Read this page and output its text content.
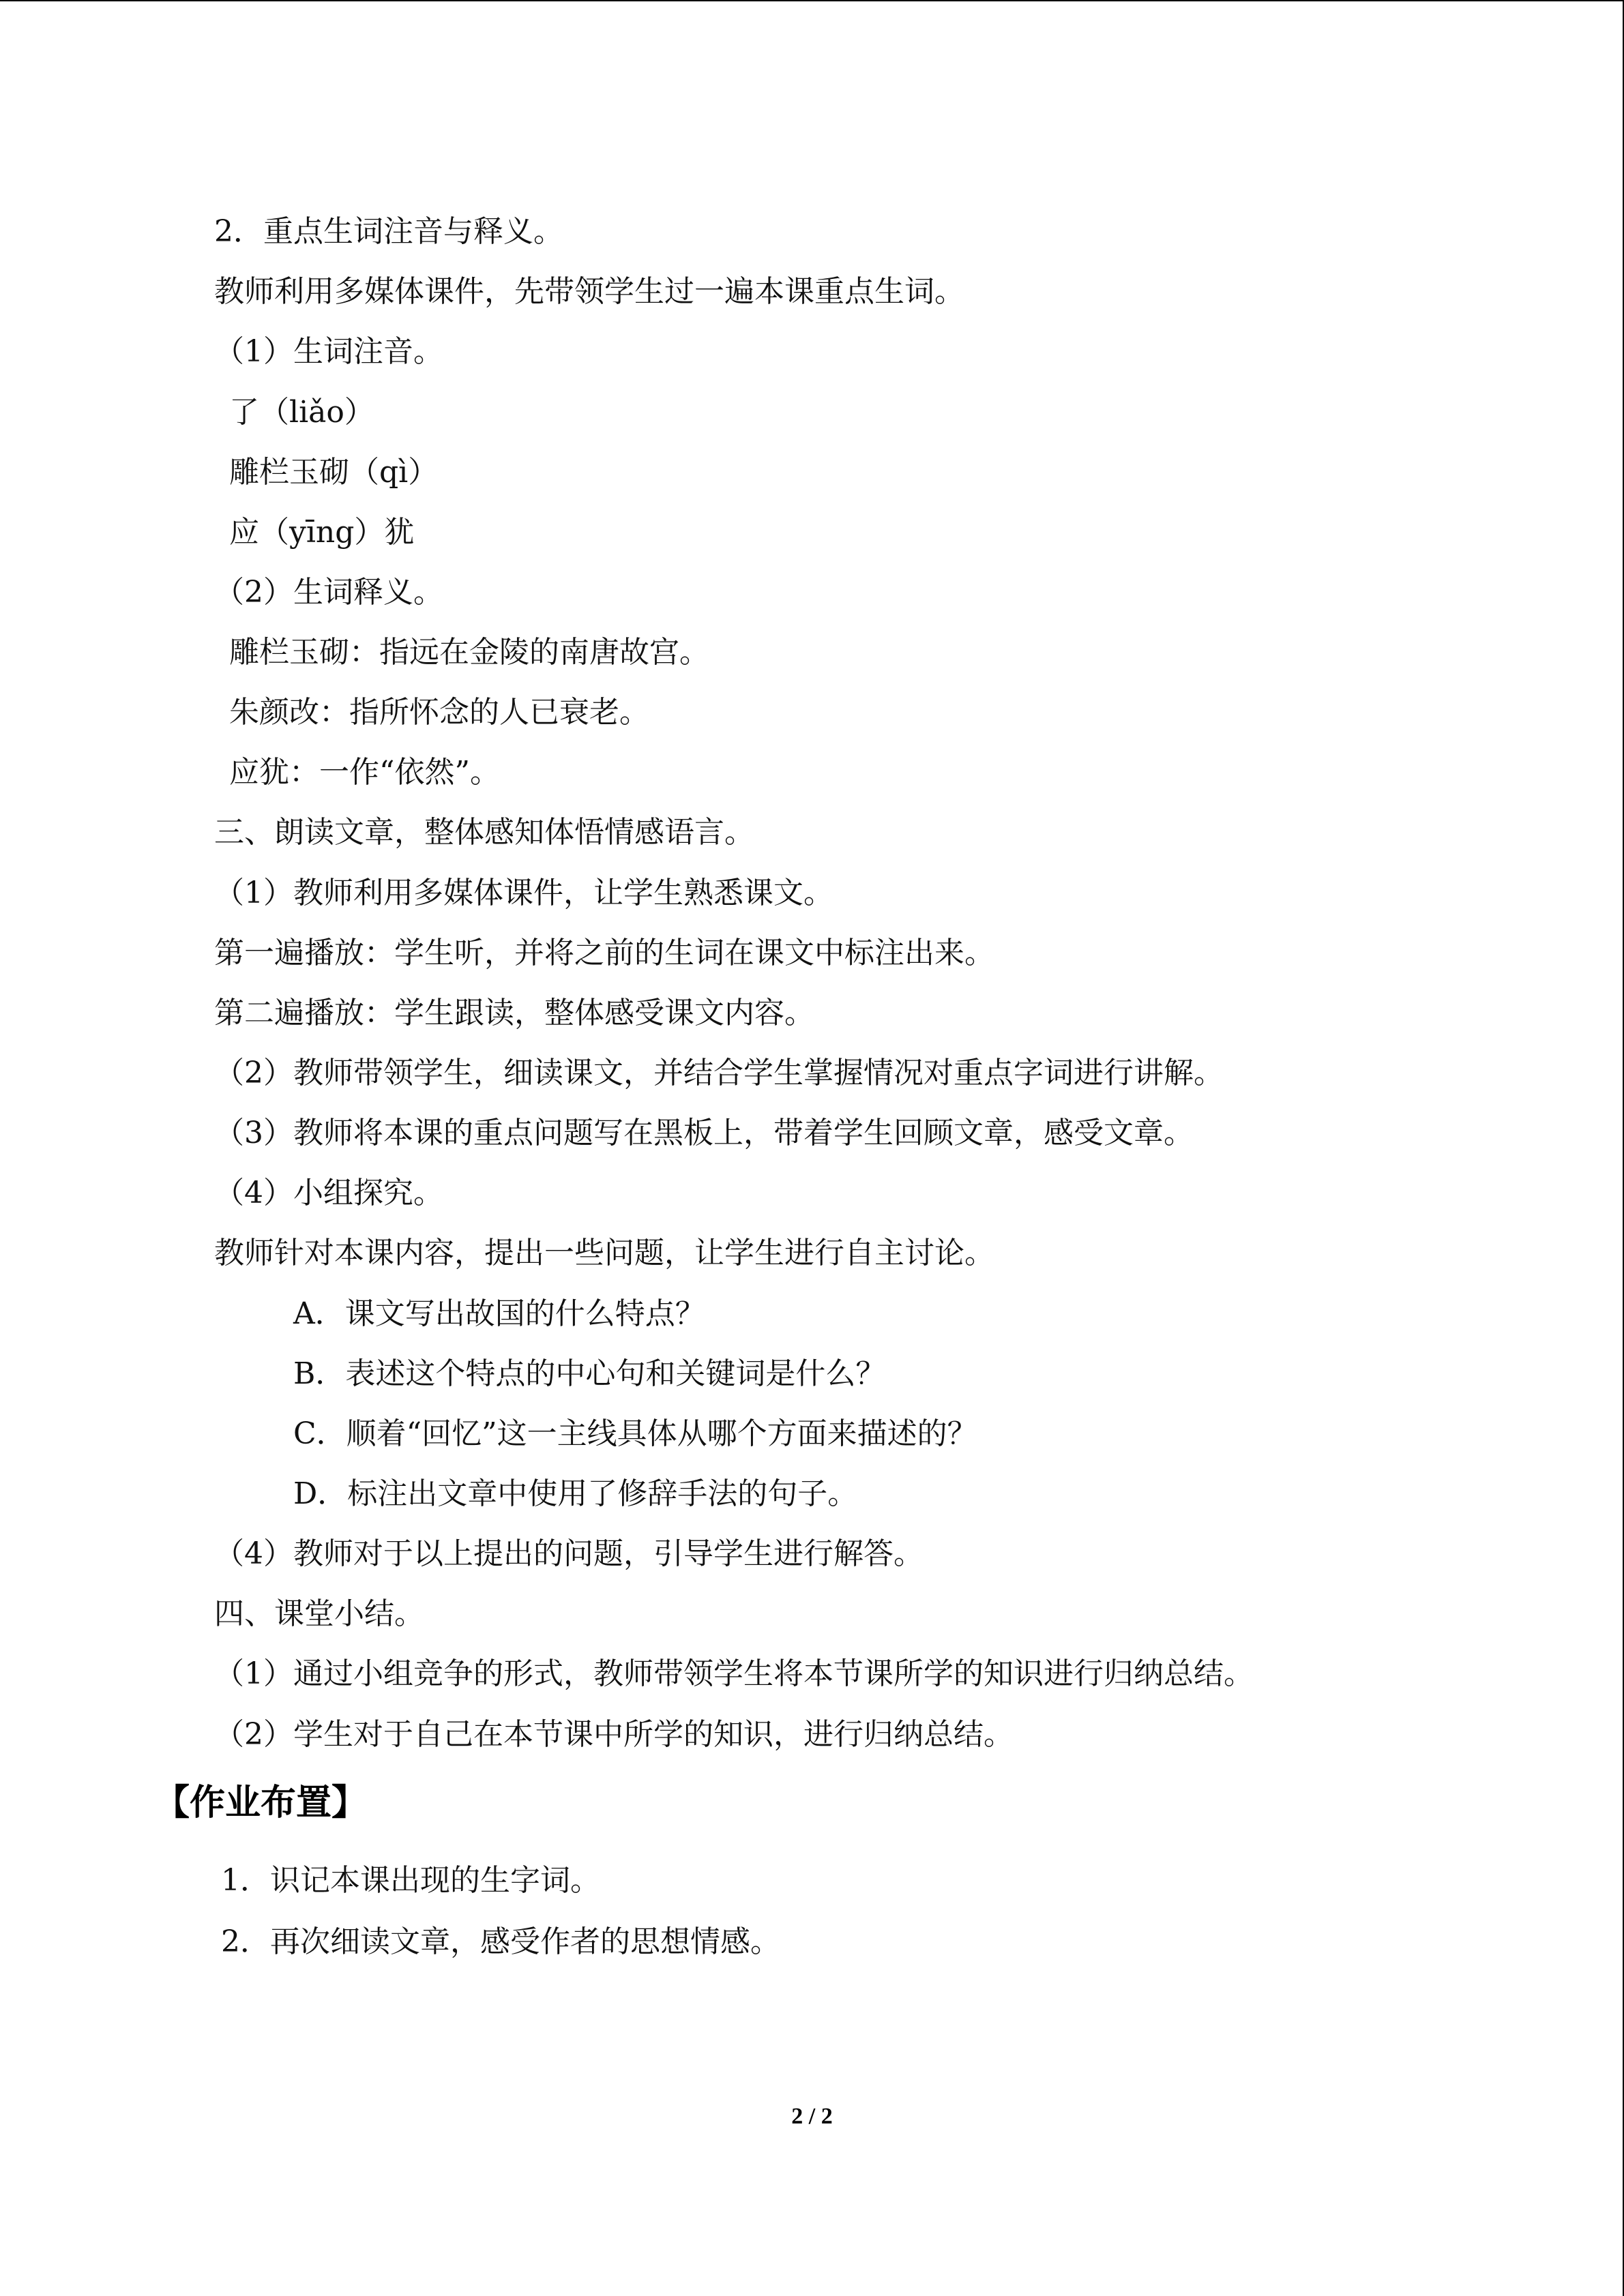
2．重点生词注音与释义。
教师利用多媒体课件，先带领学生过一遍本课重点生词。
（1）生词注音。
了（liǎo）
雕栏玉砌（qì）
应（yīng）犹
（2）生词释义。
雕栏玉砌：指远在金陵的南唐故宫。
朱颜改：指所怀念的人已衰老。
应犹：一作“依然”。
三、朗读文章，整体感知体悟情感语言。
（1）教师利用多媒体课件，让学生熟悉课文。
第一遍播放：学生听，并将之前的生词在课文中标注出来。
第二遍播放：学生跟读，整体感受课文内容。
（2）教师带领学生，细读课文，并结合学生掌握情况对重点字词进行讲解。
（3）教师将本课的重点问题写在黑板上，带着学生回顾文章，感受文章。
（4）小组探究。
教师针对本课内容，提出一些问题，让学生进行自主讨论。
A．课文写出故国的什么特点？
B．表述这个特点的中心句和关键词是什么？
C．顺着“回忆”这一主线具体从哪个方面来描述的？
D．标注出文章中使用了修辞手法的句子。
（4）教师对于以上提出的问题，引导学生进行解答。
四、课堂小结。
（1）通过小组竞争的形式，教师带领学生将本节课所学的知识进行归纳总结。
（2）学生对于自己在本节课中所学的知识，进行归纳总结。
【作业布置】
1．识记本课出现的生字词。
2．再次细读文章，感受作者的思想情感。
2 / 2
